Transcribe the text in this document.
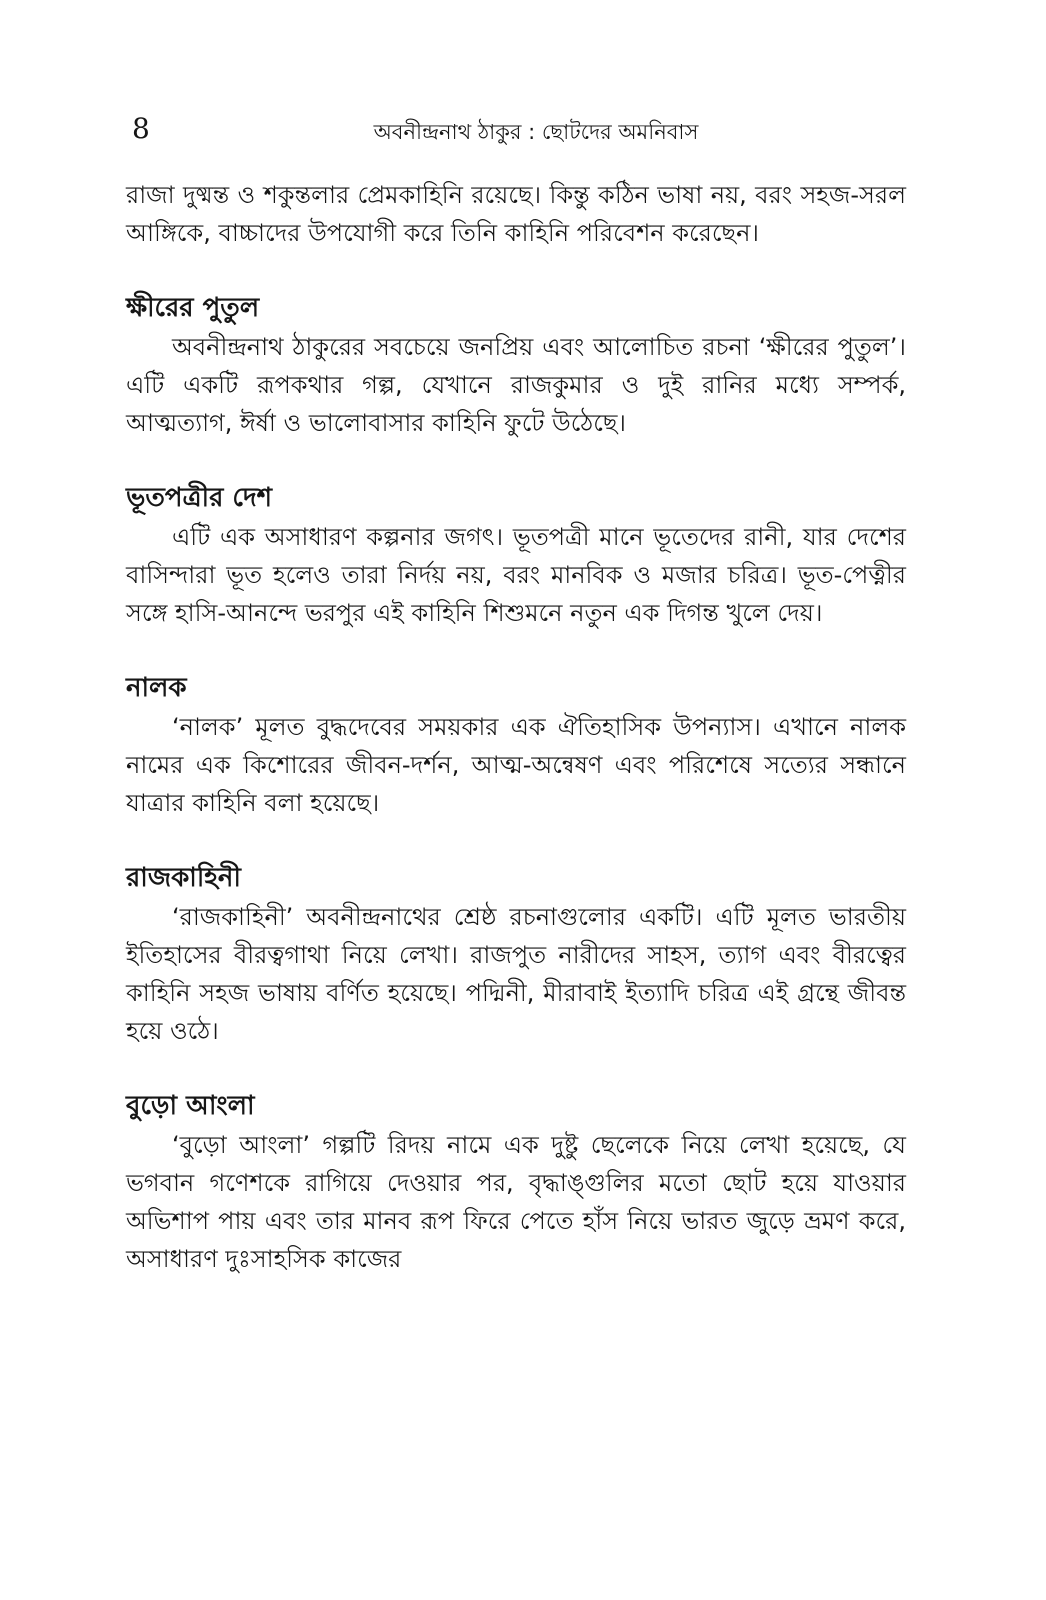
8	অবনীন্দ্রনাথ ঠাকুর : ছোটদের অমনিবাস

রাজা দুষ্মন্ত ও শকুন্তলার প্রেমকাহিনি রয়েছে। কিন্তু কঠিন ভাষা নয়, বরং সহজ-সরল আঙ্গিকে, বাচ্চাদের উপযোগী করে তিনি কাহিনি পরিবেশন করেছেন।

ক্ষীরের পুতুল

অবনীন্দ্রনাথ ঠাকুরের সবচেয়ে জনপ্রিয় এবং আলোচিত রচনা ‘ক্ষীরের পুতুল’। এটি একটি রূপকথার গল্প, যেখানে রাজকুমার ও দুই রানির মধ্যে সম্পর্ক, আত্মত্যাগ, ঈর্ষা ও ভালোবাসার কাহিনি ফুটে উঠেছে।

ভূতপত্রীর দেশ

এটি এক অসাধারণ কল্পনার জগৎ। ভূতপত্রী মানে ভূতেদের রানী, যার দেশের বাসিন্দারা ভূত হলেও তারা নির্দয় নয়, বরং মানবিক ও মজার চরিত্র। ভূত-পেত্নীর সঙ্গে হাসি-আনন্দে ভরপুর এই কাহিনি শিশুমনে নতুন এক দিগন্ত খুলে দেয়।

নালক

‘নালক’ মূলত বুদ্ধদেবের সময়কার এক ঐতিহাসিক উপন্যাস। এখানে নালক নামের এক কিশোরের জীবন-দর্শন, আত্ম-অন্বেষণ এবং পরিশেষে সত্যের সন্ধানে যাত্রার কাহিনি বলা হয়েছে।

রাজকাহিনী

‘রাজকাহিনী’ অবনীন্দ্রনাথের শ্রেষ্ঠ রচনাগুলোর একটি। এটি মূলত ভারতীয় ইতিহাসের বীরত্বগাথা নিয়ে লেখা। রাজপুত নারীদের সাহস, ত্যাগ এবং বীরত্বের কাহিনি সহজ ভাষায় বর্ণিত হয়েছে। পদ্মিনী, মীরাবাই ইত্যাদি চরিত্র এই গ্রন্থে জীবন্ত হয়ে ওঠে।

বুড়ো আংলা

‘বুড়ো আংলা’ গল্পটি রিদয় নামে এক দুষ্টু ছেলেকে নিয়ে লেখা হয়েছে, যে ভগবান গণেশকে রাগিয়ে দেওয়ার পর, বৃদ্ধাঙ্গুলির মতো ছোট হয়ে যাওয়ার অভিশাপ পায় এবং তার মানব রূপ ফিরে পেতে হাঁস নিয়ে ভারত জুড়ে ভ্রমণ করে, অসাধারণ দুঃসাহসিক কাজের
